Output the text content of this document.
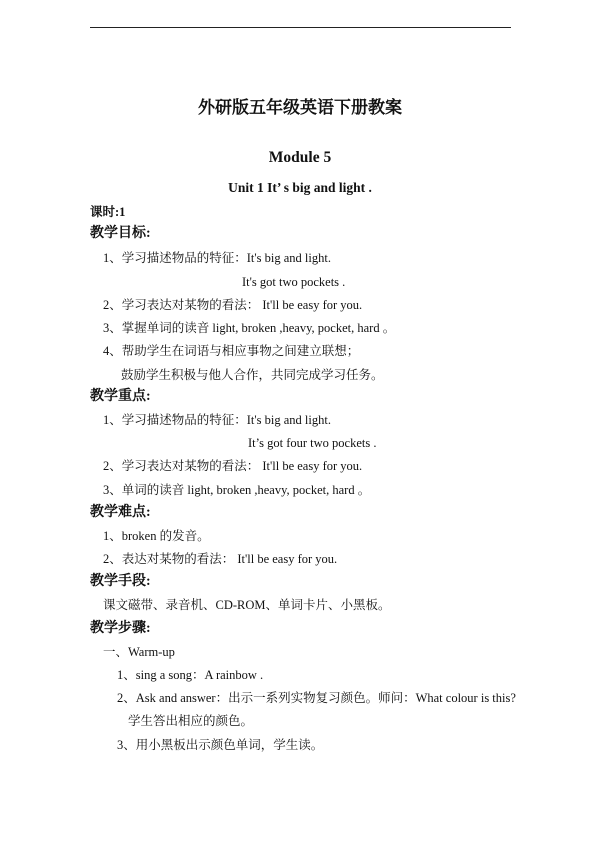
外研版五年级英语下册教案
Module 5
Unit 1 It’ s big and light .
课时:1
教学目标:
1、学习描述物品的特征：It's big and light.
It's got two pockets .
2、学习表达对某物的看法： It'll be easy for you.
3、掌握单词的读音 light, broken ,heavy, pocket, hard 。
4、帮助学生在词语与相应事物之间建立联想；
鼓励学生积极与他人合作，共同完成学习任务。
教学重点:
1、学习描述物品的特征：It's big and light.
It’s got four two pockets .
2、学习表达对某物的看法： It'll be easy for you.
3、单词的读音 light, broken ,heavy, pocket, hard 。
教学难点:
1、broken 的发音。
2、表达对某物的看法： It'll be easy for you.
教学手段:
课文磁带、录音机、CD-ROM、单词卡片、小黑板。
教学步骤:
一、Warm-up
1、sing a song：A rainbow .
2、Ask and answer：出示一系列实物复习颜色。师问：What colour is this?
学生答出相应的颜色。
3、用小黑板出示颜色单词，学生读。
